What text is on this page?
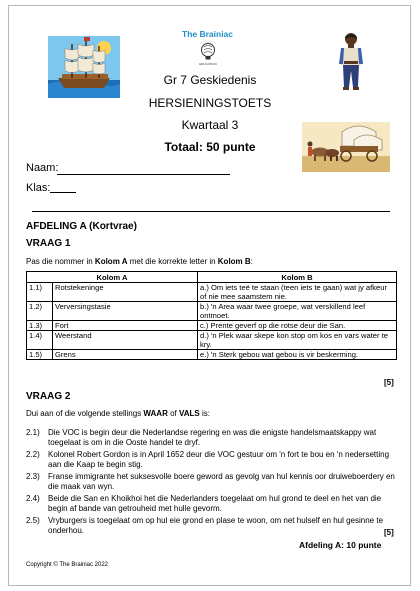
The Brainiac
EDUCATION
Gr 7 Geskiedenis
HERSIENINGSTOETS
Kwartaal 3
Totaal: 50 punte
Naam:
Klas:
AFDELING A (Kortvrae)
VRAAG 1
Pas die nommer in Kolom A met die korrekte letter in Kolom B:
Kolom A		Kolom B
1.1)	Rotstekeninge	a.) Om iets teë te staan (teen iets te gaan) wat jy afkeur of nie mee saamstem nie.
1.2)	Verversingstasie	b.) 'n Area waar twee groepe, wat verskillend leef ontmoet.
1.3)	Fort	c.) Prente geverf op die rotse deur die San.
1.4)	Weerstand	d.) 'n Plek waar skepe kon stop om kos en vars water te kry.
1.5)	Grens	e.) 'n Sterk gebou wat gebou is vir beskerming.
[5]
VRAAG 2
Dui aan of die volgende stellings WAAR of VALS is:
2.1)	Die VOC is begin deur die Nederlandse regering en was die enigste handelsmaatskappy wat toegelaat is om in die Ooste handel te dryf.
2.2)	Kolonel Robert Gordon is in April 1652 deur die VOC gestuur om 'n fort te bou en 'n nedersetting aan die Kaap te begin stig.
2.3)	Franse immigrante het suksesvolle boere geword as gevolg van hul kennis oor druiweboerdery en die maak van wyn.
2.4)	Beide die San en Khoikhoi het die Nederlanders toegelaat om hul grond te deel en het van die begin af bande van getrouheid met hulle gevorm.
2.5)	Vryburgers is toegelaat om op hul eie grond en plase te woon, om net hulself en hul gesinne te onderhou.	[5]
Afdeling A: 10 punte
Copyright © The Brainiac 2022
